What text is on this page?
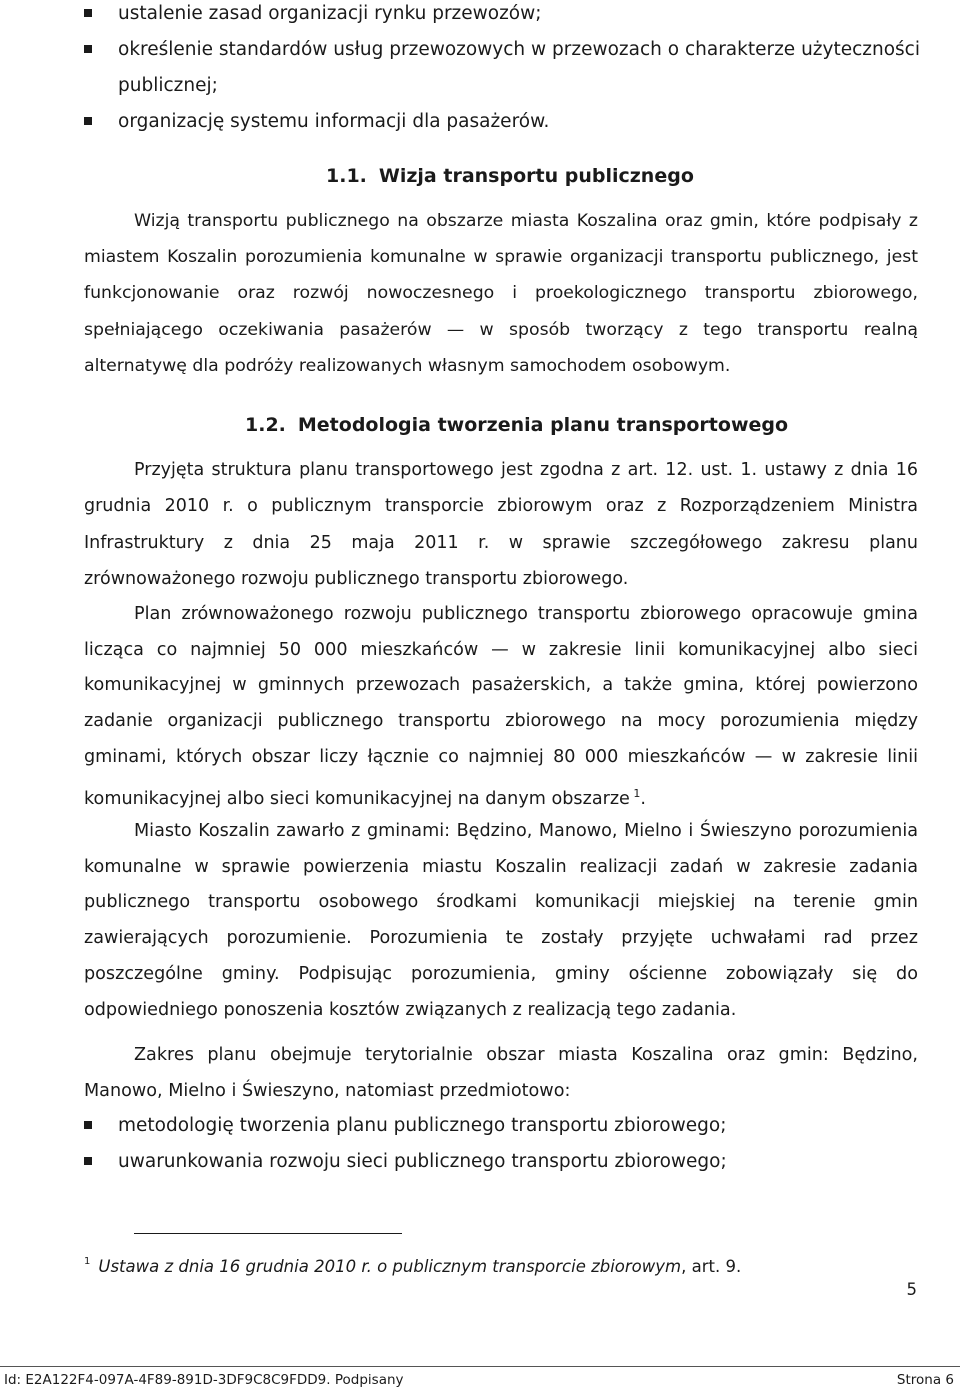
ustalenie zasad organizacji rynku przewozów;
określenie standardów usług przewozowych w przewozach o charakterze użyteczności publicznej;
organizację systemu informacji dla pasażerów.
1.1. Wizja transportu publicznego

Wizją transportu publicznego na obszarze miasta Koszalina oraz gmin, które podpisały z miastem Koszalin porozumienia komunalne w sprawie organizacji transportu publicznego, jest funkcjonowanie oraz rozwój nowoczesnego i proekologicznego transportu zbiorowego, spełniającego oczekiwania pasażerów — w sposób tworzący z tego transportu realną alternatywę dla podróży realizowanych własnym samochodem osobowym.

1.2. Metodologia tworzenia planu transportowego

Przyjęta struktura planu transportowego jest zgodna z art. 12. ust. 1. ustawy z dnia 16 grudnia 2010 r. o publicznym transporcie zbiorowym oraz z Rozporządzeniem Ministra Infrastruktury z dnia 25 maja 2011 r. w sprawie szczegółowego zakresu planu zrównoważonego rozwoju publicznego transportu zbiorowego.

Plan zrównoważonego rozwoju publicznego transportu zbiorowego opracowuje gmina licząca co najmniej 50 000 mieszkańców — w zakresie linii komunikacyjnej albo sieci komunikacyjnej w gminnych przewozach pasażerskich, a także gmina, której powierzono zadanie organizacji publicznego transportu zbiorowego na mocy porozumienia między gminami, których obszar liczy łącznie co najmniej 80 000 mieszkańców — w zakresie linii komunikacyjnej albo sieci komunikacyjnej na danym obszarze  $^1$.

Miasto Koszalin zawarło z gminami: Będzino, Manowo, Mielno i Świeszyno porozumienia komunalne w sprawie powierzenia miastu Koszalin realizacji zadań w zakresie zadania publicznego transportu osobowego środkami komunikacji miejskiej na terenie gmin zawierających porozumienie. Porozumienia te zostały przyjęte uchwałami rad przez poszczególne gminy. Podpisując porozumienia, gminy ościenne zobowiązały się do odpowiedniego ponoszenia kosztów związanych z realizacją tego zadania.

Zakres planu obejmuje terytorialnie obszar miasta Koszalina oraz gmin: Będzino, Manowo, Mielno i Świeszyno, natomiast przedmiotowo:

metodologię tworzenia planu publicznego transportu zbiorowego;
uwarunkowania rozwoju sieci publicznego transportu zbiorowego;
$^1$ Ustawa z dnia 16 grudnia 2010 r. o publicznym transporcie zbiorowym, art. 9.
5
Id: E2A122F4-097A-4F89-891D-3DF9C8C9FDD9. Podpisany	Strona 6
